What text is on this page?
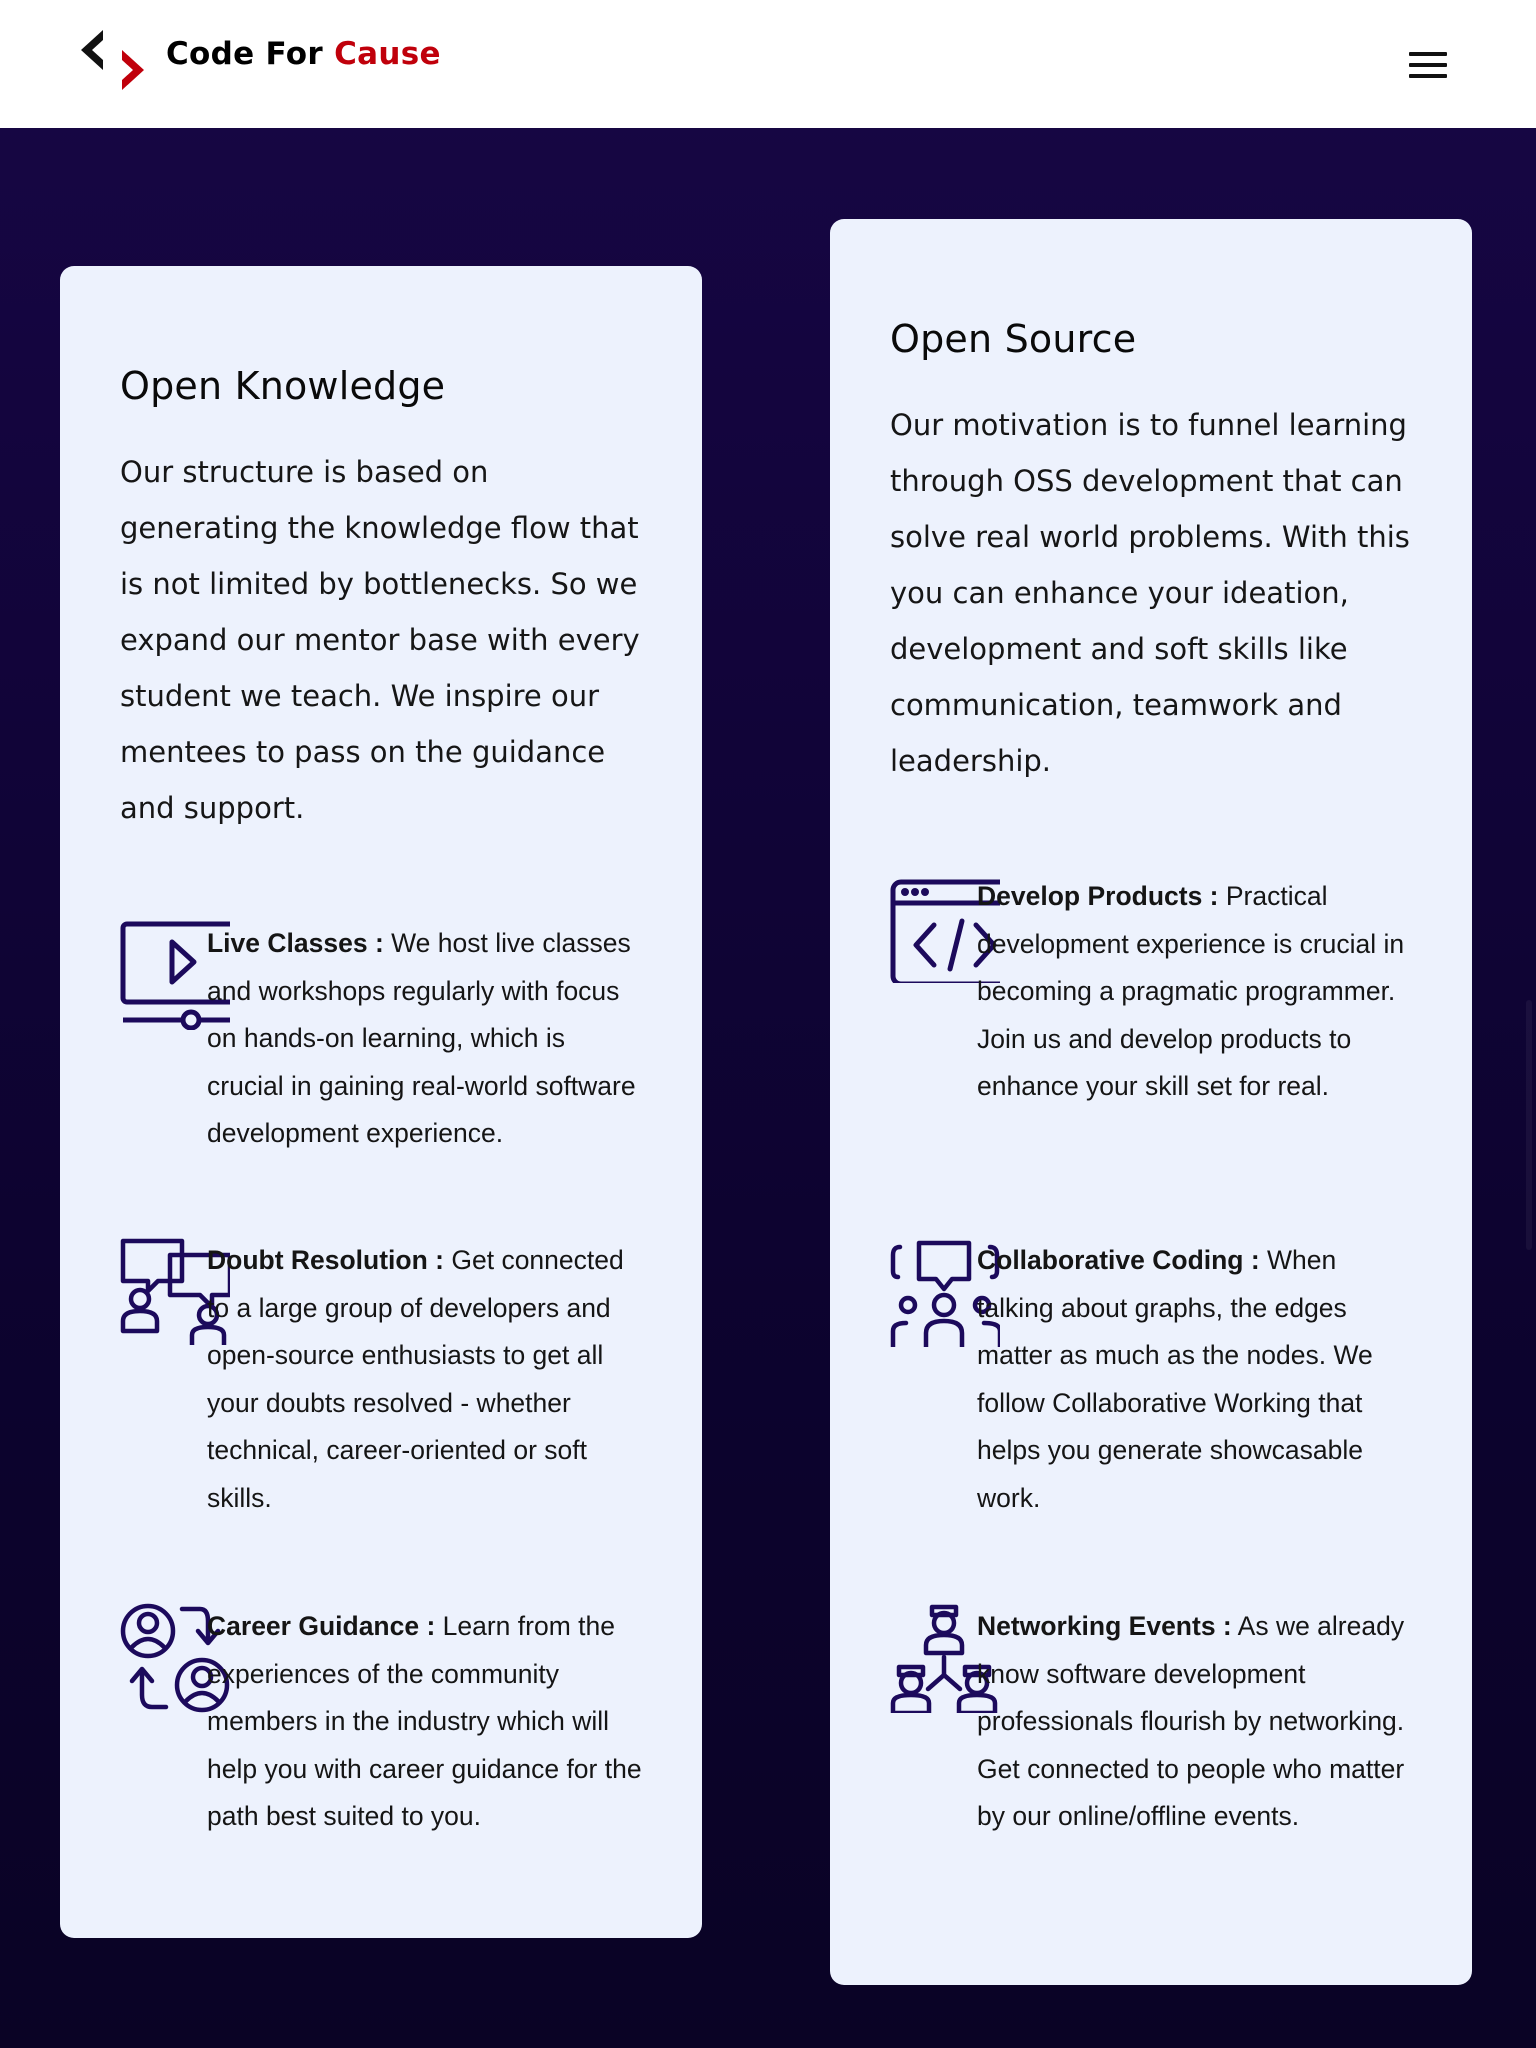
Code For Cause
Open Knowledge

Our structure is based on generating the knowledge flow that is not limited by bottlenecks. So we expand our mentor base with every student we teach. We inspire our mentees to pass on the guidance and support.

Live Classes : We host live classes and workshops regularly with focus on hands-on learning, which is crucial in gaining real-world software development experience.
Doubt Resolution : Get connected to a large group of developers and open-source enthusiasts to get all your doubts resolved - whether technical, career-oriented or soft skills.
Career Guidance : Learn from the experiences of the community members in the industry which will help you with career guidance for the path best suited to you.
Open Source

Our motivation is to funnel learning through OSS development that can solve real world problems. With this you can enhance your ideation, development and soft skills like communication, teamwork and leadership.

Develop Products : Practical development experience is crucial in becoming a pragmatic programmer. Join us and develop products to enhance your skill set for real.
Collaborative Coding : When talking about graphs, the edges matter as much as the nodes. We follow Collaborative Working that helps you generate showcasable work.
Networking Events : As we already know software development professionals flourish by networking. Get connected to people who matter by our online/offline events.
